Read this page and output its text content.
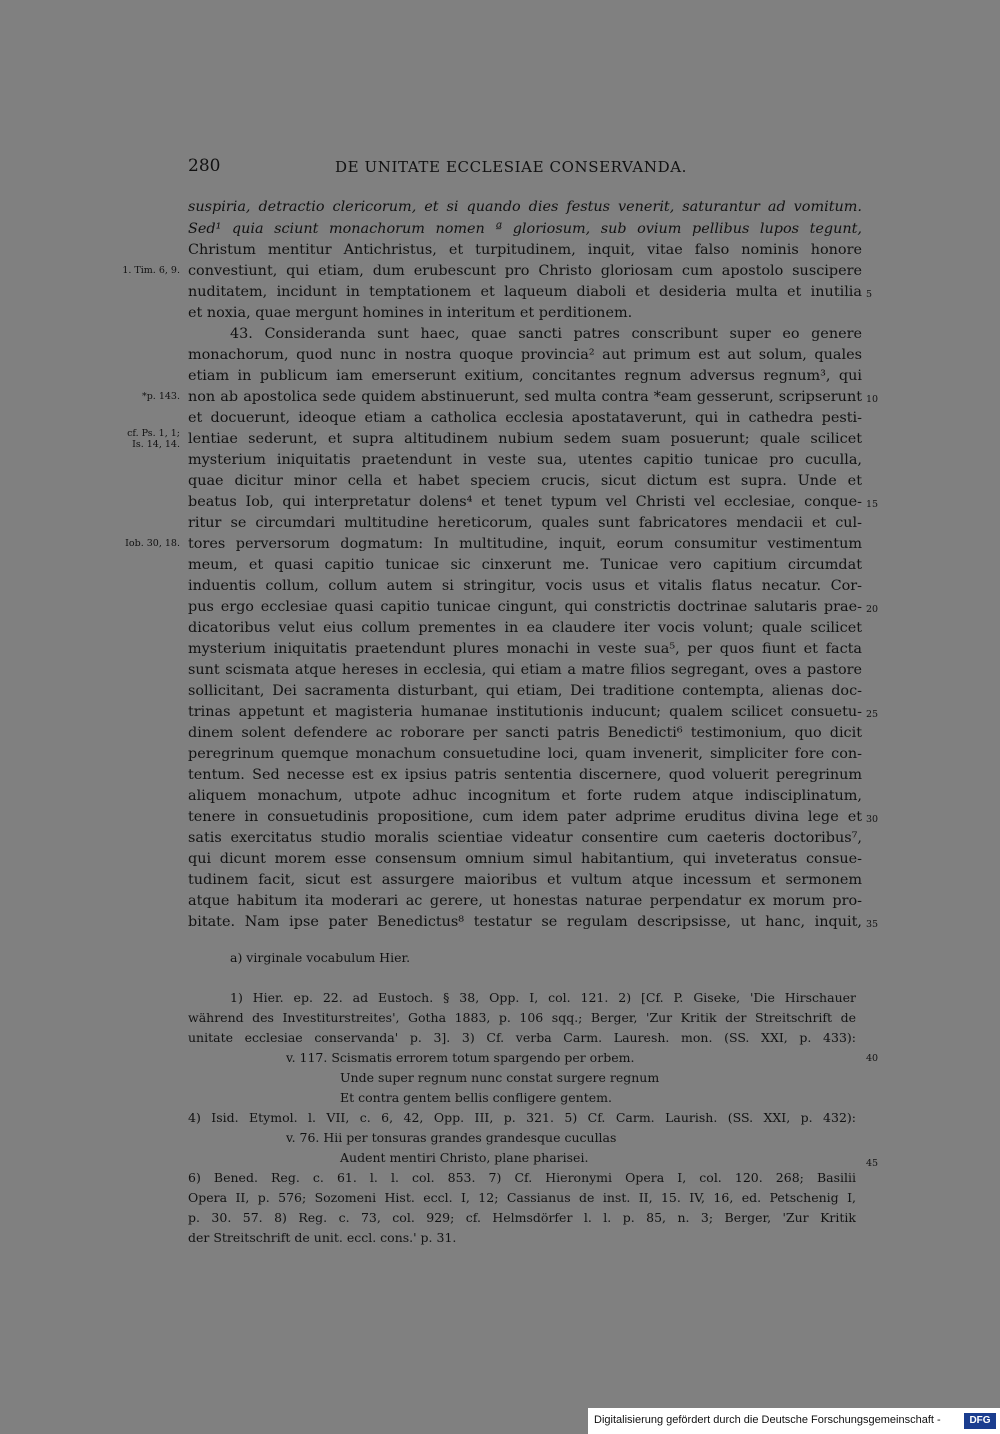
280	DE UNITATE ECCLESIAE CONSERVANDA.
suspiria, detractio clericorum, et si quando dies festus venerit, saturantur ad vomitum.
Sed¹ quia sciunt monachorum nomen ª gloriosum, sub ovium pellibus lupos tegunt,
Christum mentitur Antichristus, et turpitudinem, inquit, vitae falso nominis honore
convestiunt, qui etiam, dum erubescunt pro Christo gloriosam cum apostolo suscipere
nuditatem, incidunt in temptationem et laqueum diaboli et desideria multa et inutilia
et noxia, quae mergunt homines in interitum et perditionem.
43. Consideranda sunt haec, quae sancti patres conscribunt super eo genere
monachorum, quod nunc in nostra quoque provincia² aut primum est aut solum, quales
etiam in publicum iam emerserunt exitium, concitantes regnum adversus regnum³, qui
non ab apostolica sede quidem abstinuerunt, sed multa contra *eam gesserunt, scripserunt
et docuerunt, ideoque etiam a catholica ecclesia apostataverunt, qui in cathedra pesti-
lentiae sederunt, et supra altitudinem nubium sedem suam posuerunt; quale scilicet
mysterium iniquitatis praetendunt in veste sua, utentes capitio tunicae pro cuculla,
quae dicitur minor cella et habet speciem crucis, sicut dictum est supra. Unde et
beatus Iob, qui interpretatur dolens⁴ et tenet typum vel Christi vel ecclesiae, conque-
ritur se circumdari multitudine hereticorum, quales sunt fabricatores mendacii et cul-
tores perversorum dogmatum: In multitudine, inquit, eorum consumitur vestimentum
meum, et quasi capitio tunicae sic cinxerunt me. Tunicae vero capitium circumdat
induentis collum, collum autem si stringitur, vocis usus et vitalis flatus necatur. Cor-
pus ergo ecclesiae quasi capitio tunicae cingunt, qui constrictis doctrinae salutaris prae-
dicatoribus velut eius collum prementes in ea claudere iter vocis volunt; quale scilicet
mysterium iniquitatis praetendunt plures monachi in veste sua⁵, per quos fiunt et facta
sunt scismata atque hereses in ecclesia, qui etiam a matre filios segregant, oves a pastore
sollicitant, Dei sacramenta disturbant, qui etiam, Dei traditione contempta, alienas doc-
trinas appetunt et magisteria humanae institutionis inducunt; qualem scilicet consuetu-
dinem solent defendere ac roborare per sancti patris Benedicti⁶ testimonium, quo dicit
peregrinum quemque monachum consuetudine loci, quam invenerit, simpliciter fore con-
tentum. Sed necesse est ex ipsius patris sententia discernere, quod voluerit peregrinum
aliquem monachum, utpote adhuc incognitum et forte rudem atque indisciplinatum,
tenere in consuetudinis propositione, cum idem pater adprime eruditus divina lege et
satis exercitatus studio moralis scientiae videatur consentire cum caeteris doctoribus⁷,
qui dicunt morem esse consensum omnium simul habitantium, qui inveteratus consue-
tudinem facit, sicut est assurgere maioribus et vultum atque incessum et sermonem
atque habitum ita moderari ac gerere, ut honestas naturae perpendatur ex morum pro-
bitate. Nam ipse pater Benedictus⁸ testatur se regulam descripsisse, ut hanc, inquit,
1. Tim. 6, 9.
*p. 143.
cf. Ps. 1, 1;
Is. 14, 14.
Iob. 30, 18.
5
10
15
20
25
30
35
a) virginale vocabulum Hier.
1) Hier. ep. 22. ad Eustoch. § 38, Opp. I, col. 121. 2) [Cf. P. Giseke, 'Die Hirschauer
während des Investiturstreites', Gotha 1883, p. 106 sqq.; Berger, 'Zur Kritik der Streitschrift de
unitate ecclesiae conservanda' p. 3]. 3) Cf. verba Carm. Lauresh. mon. (SS. XXI, p. 433):
v. 117. Scismatis errorem totum spargendo per orbem.
Unde super regnum nunc constat surgere regnum
Et contra gentem bellis confligere gentem.
4) Isid. Etymol. l. VII, c. 6, 42, Opp. III, p. 321. 5) Cf. Carm. Laurish. (SS. XXI, p. 432):
v. 76. Hii per tonsuras grandes grandesque cucullas
Audent mentiri Christo, plane pharisei.
6) Bened. Reg. c. 61. l. l. col. 853. 7) Cf. Hieronymi Opera I, col. 120. 268; Basilii
Opera II, p. 576; Sozomeni Hist. eccl. I, 12; Cassianus de inst. II, 15. IV, 16, ed. Petschenig I,
p. 30. 57. 8) Reg. c. 73, col. 929; cf. Helmsdörfer l. l. p. 85, n. 3; Berger, 'Zur Kritik
der Streitschrift de unit. eccl. cons.' p. 31.
40
45
Digitalisierung gefördert durch die Deutsche Forschungsgemeinschaft -	DFG
